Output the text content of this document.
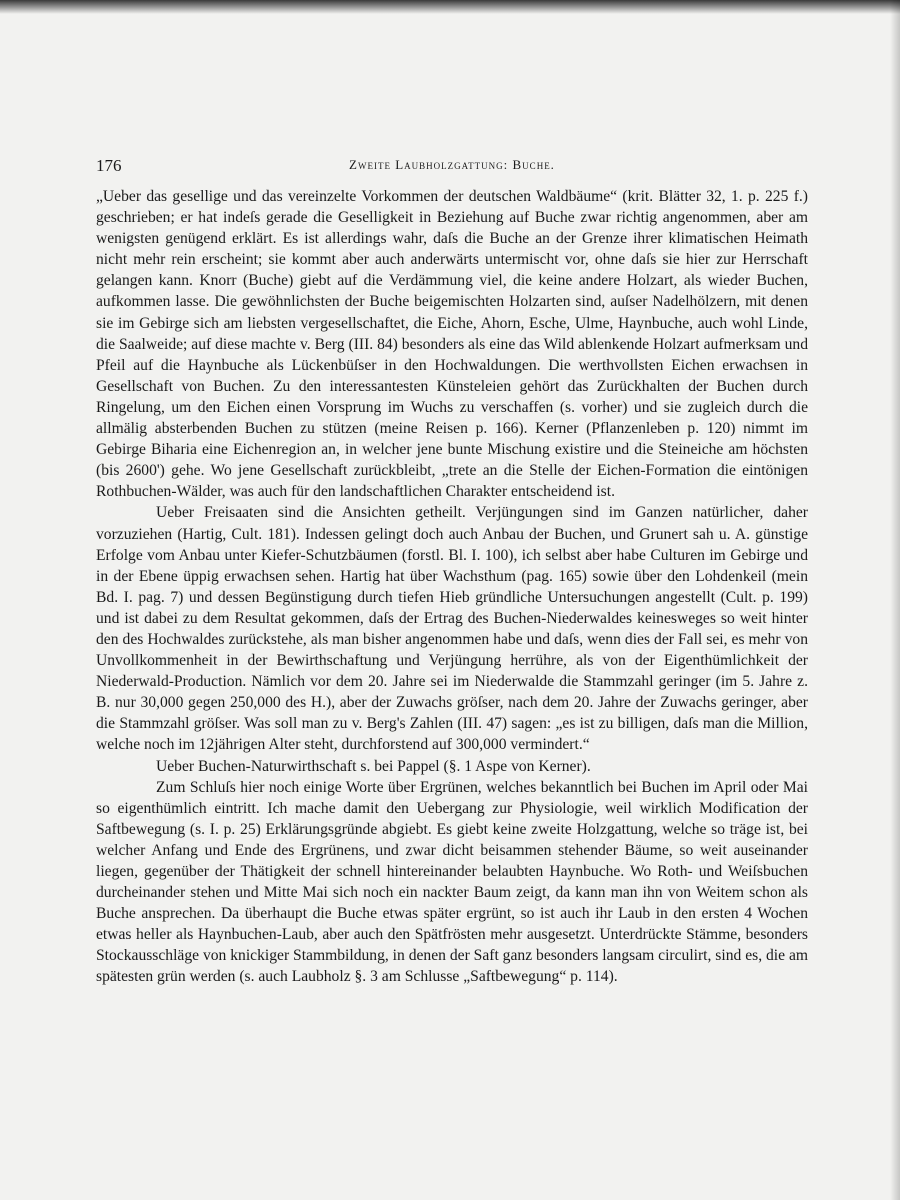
176	Zweite Laubholzgattung: Buche.

„Ueber das gesellige und das vereinzelte Vorkommen der deutschen Waldbäume“ (krit. Blätter 32, 1. p. 225 f.) geschrieben; er hat indeſs gerade die Geselligkeit in Beziehung auf Buche zwar richtig angenommen, aber am wenigsten genügend erklärt. Es ist allerdings wahr, daſs die Buche an der Grenze ihrer klimatischen Heimath nicht mehr rein erscheint; sie kommt aber auch anderwärts untermischt vor, ohne daſs sie hier zur Herrschaft gelangen kann. Knorr (Buche) giebt auf die Verdämmung viel, die keine andere Holzart, als wieder Buchen, aufkommen lasse. Die gewöhnlichsten der Buche beigemischten Holzarten sind, auſser Nadelhölzern, mit denen sie im Gebirge sich am liebsten vergesellschaftet, die Eiche, Ahorn, Esche, Ulme, Haynbuche, auch wohl Linde, die Saalweide; auf diese machte v. Berg (III. 84) besonders als eine das Wild ablenkende Holzart aufmerksam und Pfeil auf die Haynbuche als Lückenbüſser in den Hochwaldungen. Die werthvollsten Eichen erwachsen in Gesellschaft von Buchen. Zu den interessantesten Künsteleien gehört das Zurückhalten der Buchen durch Ringelung, um den Eichen einen Vorsprung im Wuchs zu verschaffen (s. vorher) und sie zugleich durch die allmälig absterbenden Buchen zu stützen (meine Reisen p. 166). Kerner (Pflanzenleben p. 120) nimmt im Gebirge Biharia eine Eichenregion an, in welcher jene bunte Mischung existire und die Steineiche am höchsten (bis 2600') gehe. Wo jene Gesellschaft zurückbleibt, „trete an die Stelle der Eichen-Formation die eintönigen Rothbuchen-Wälder, was auch für den landschaftlichen Charakter entscheidend ist.

Ueber Freisaaten sind die Ansichten getheilt. Verjüngungen sind im Ganzen natürlicher, daher vorzuziehen (Hartig, Cult. 181). Indessen gelingt doch auch Anbau der Buchen, und Grunert sah u. A. günstige Erfolge vom Anbau unter Kiefer-Schutzbäumen (forstl. Bl. I. 100), ich selbst aber habe Culturen im Gebirge und in der Ebene üppig erwachsen sehen. Hartig hat über Wachsthum (pag. 165) sowie über den Lohdenkeil (mein Bd. I. pag. 7) und dessen Begünstigung durch tiefen Hieb gründliche Untersuchungen angestellt (Cult. p. 199) und ist dabei zu dem Resultat gekommen, daſs der Ertrag des Buchen-Niederwaldes keinesweges so weit hinter den des Hochwaldes zurückstehe, als man bisher angenommen habe und daſs, wenn dies der Fall sei, es mehr von Unvollkommenheit in der Bewirthschaftung und Verjüngung herrühre, als von der Eigenthümlichkeit der Niederwald-Production. Nämlich vor dem 20. Jahre sei im Niederwalde die Stammzahl geringer (im 5. Jahre z. B. nur 30,000 gegen 250,000 des H.), aber der Zuwachs gröſser, nach dem 20. Jahre der Zuwachs geringer, aber die Stammzahl gröſser. Was soll man zu v. Berg's Zahlen (III. 47) sagen: „es ist zu billigen, daſs man die Million, welche noch im 12jährigen Alter steht, durchforstend auf 300,000 vermindert.“

Ueber Buchen-Naturwirthschaft s. bei Pappel (§. 1 Aspe von Kerner).

Zum Schluſs hier noch einige Worte über Ergrünen, welches bekanntlich bei Buchen im April oder Mai so eigenthümlich eintritt. Ich mache damit den Uebergang zur Physiologie, weil wirklich Modification der Saftbewegung (s. I. p. 25) Erklärungsgründe abgiebt. Es giebt keine zweite Holzgattung, welche so träge ist, bei welcher Anfang und Ende des Ergrünens, und zwar dicht beisammen stehender Bäume, so weit auseinander liegen, gegenüber der Thätigkeit der schnell hintereinander belaubten Haynbuche. Wo Roth- und Weiſsbuchen durcheinander stehen und Mitte Mai sich noch ein nackter Baum zeigt, da kann man ihn von Weitem schon als Buche ansprechen. Da überhaupt die Buche etwas später ergrünt, so ist auch ihr Laub in den ersten 4 Wochen etwas heller als Haynbuchen-Laub, aber auch den Spätfrösten mehr ausgesetzt. Unterdrückte Stämme, besonders Stockausschläge von knickiger Stammbildung, in denen der Saft ganz besonders langsam circulirt, sind es, die am spätesten grün werden (s. auch Laubholz §. 3 am Schlusse „Saftbewegung“ p. 114).
